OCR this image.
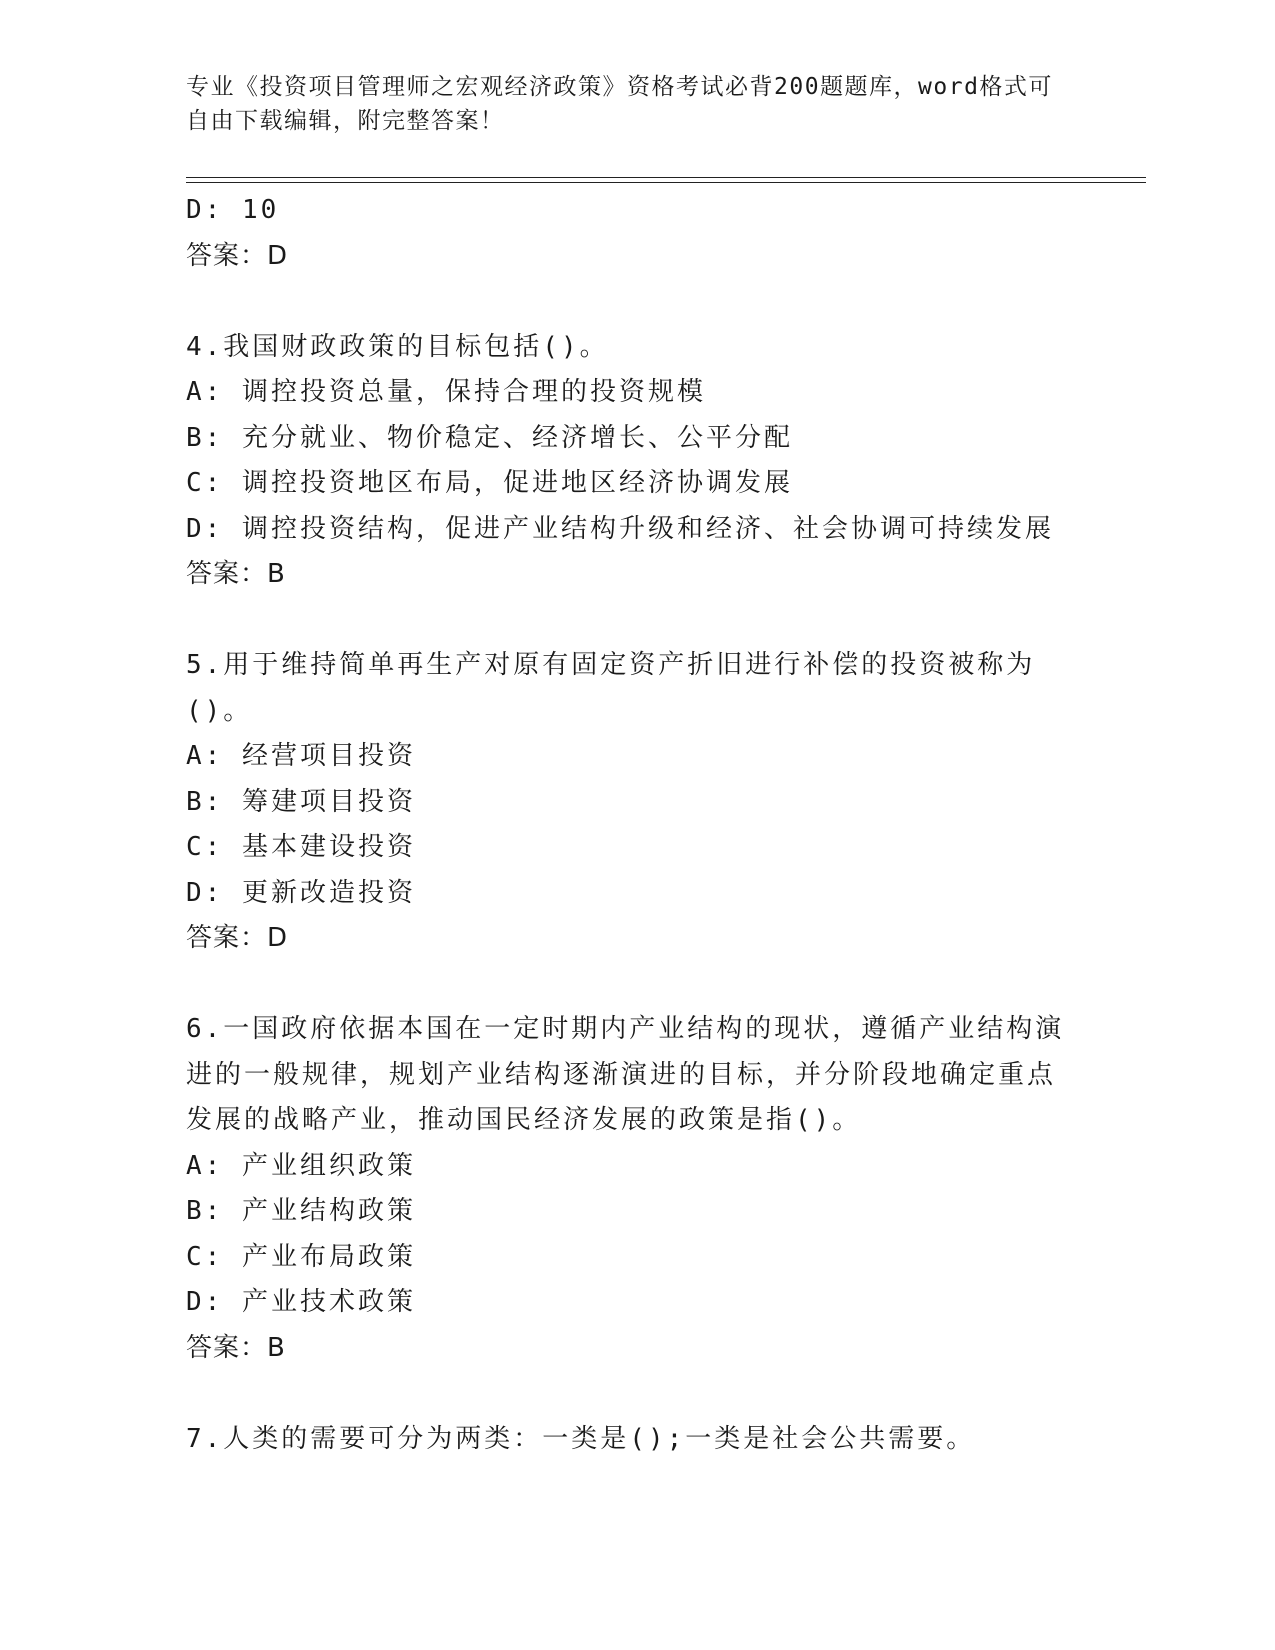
专业《投资项目管理师之宏观经济政策》资格考试必背200题题库，word格式可自由下载编辑，附完整答案！
D: 10
答案：D
4.我国财政政策的目标包括()。
A: 调控投资总量，保持合理的投资规模
B: 充分就业、物价稳定、经济增长、公平分配
C: 调控投资地区布局，促进地区经济协调发展
D: 调控投资结构，促进产业结构升级和经济、社会协调可持续发展
答案：B
5.用于维持简单再生产对原有固定资产折旧进行补偿的投资被称为()。
A: 经营项目投资
B: 筹建项目投资
C: 基本建设投资
D: 更新改造投资
答案：D
6.一国政府依据本国在一定时期内产业结构的现状，遵循产业结构演进的一般规律，规划产业结构逐渐演进的目标，并分阶段地确定重点发展的战略产业，推动国民经济发展的政策是指()。
A: 产业组织政策
B: 产业结构政策
C: 产业布局政策
D: 产业技术政策
答案：B
7.人类的需要可分为两类：一类是();一类是社会公共需要。
